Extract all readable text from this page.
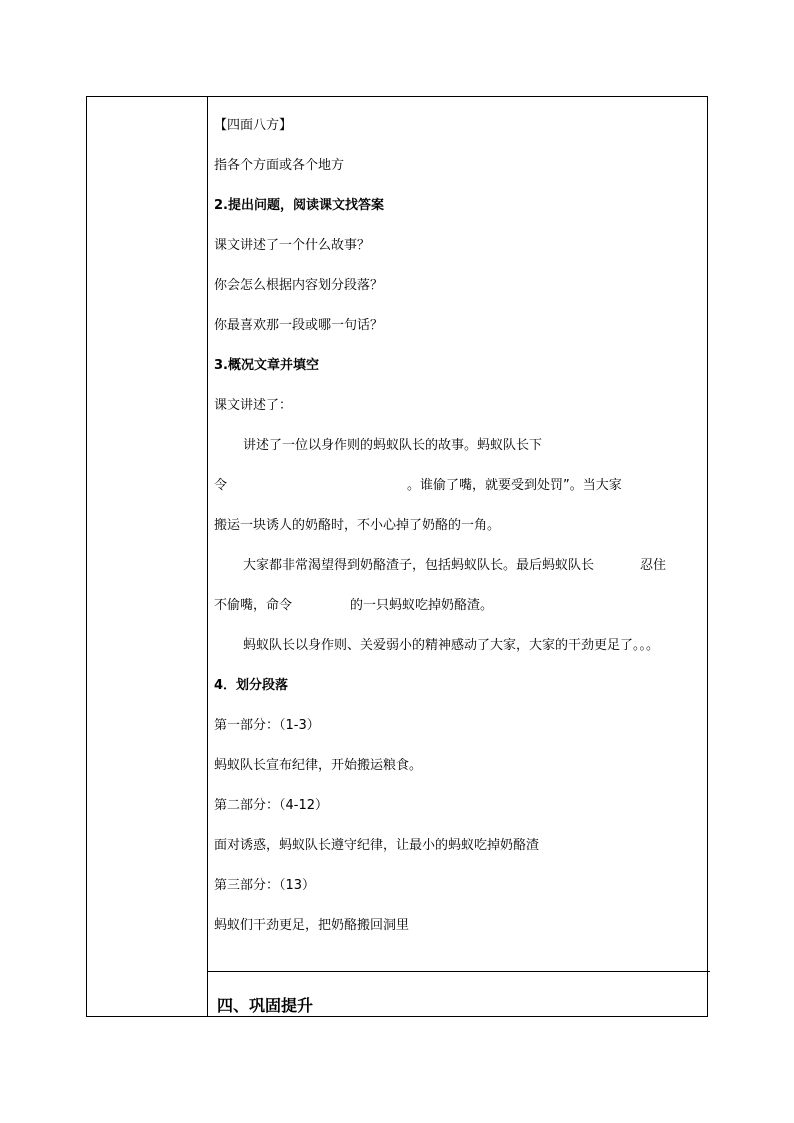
【四面八方】
指各个方面或各个地方
2.提出问题，阅读课文找答案
课文讲述了一个什么故事？
你会怎么根据内容划分段落？
你最喜欢那一段或哪一句话？
3.概况文章并填空
课文讲述了：
讲述了一位以身作则的蚂蚁队长的故事。蚂蚁队长下
令	。谁偷了嘴，就要受到处罚”。当大家
搬运一块诱人的奶酪时，不小心掉了奶酪的一角。
大家都非常渴望得到奶酪渣子，包括蚂蚁队长。最后蚂蚁队长	忍住
不偷嘴，命令	的一只蚂蚁吃掉奶酪渣。
蚂蚁队长以身作则、关爱弱小的精神感动了大家，大家的干劲更足了。。。
4．划分段落
第一部分：（1-3）
蚂蚁队长宣布纪律，开始搬运粮食。
第二部分：（4-12）
面对诱惑，蚂蚁队长遵守纪律，让最小的蚂蚁吃掉奶酪渣
第三部分：（13）
蚂蚁们干劲更足，把奶酪搬回洞里
四、巩固提升
